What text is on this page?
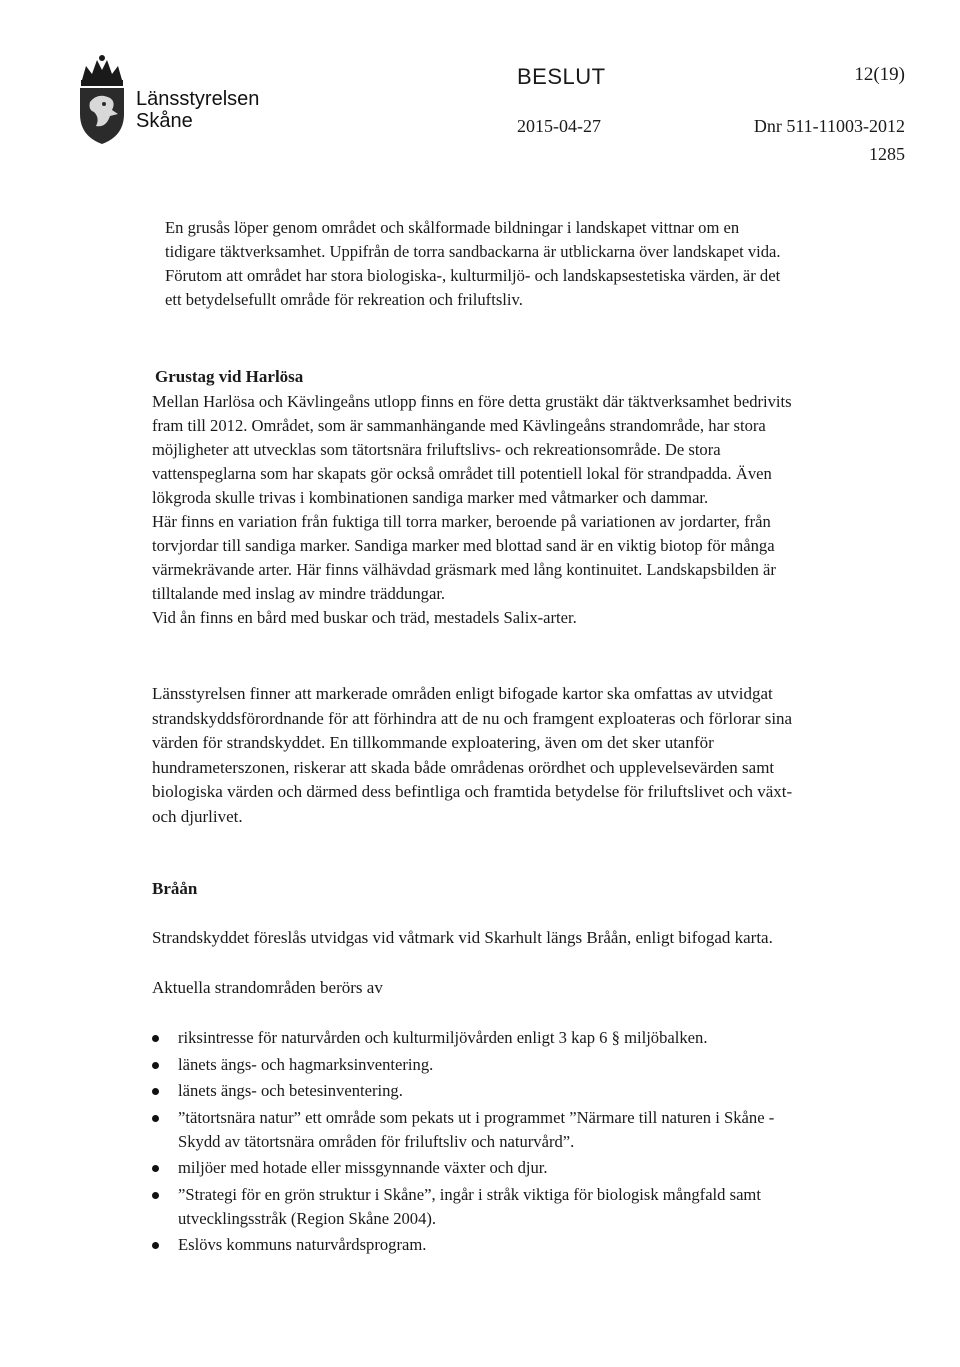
Länsstyrelsen
Skåne
BESLUT
2015-04-27
12(19)
Dnr 511-11003-2012
1285

En grusås löper genom området och skålformade bildningar i landskapet vittnar om en tidigare täktverksamhet. Uppifrån de torra sandbackarna är utblickarna över landskapet vida.

Förutom att området har stora biologiska-, kulturmiljö- och landskapsestetiska värden, är det ett betydelsefullt område för rekreation och friluftsliv.

Grustag vid Harlösa

Mellan Harlösa och Kävlingeåns utlopp finns en före detta grustäkt där täktverksamhet bedrivits fram till 2012. Området, som är sammanhängande med Kävlingeåns strandområde, har stora möjligheter att utvecklas som tätortsnära friluftslivs- och rekreationsområde. De stora vattenspeglarna som har skapats gör också området till potentiell lokal för strandpadda. Även lökgroda skulle trivas i kombinationen sandiga marker med våtmarker och dammar.

Här finns en variation från fuktiga till torra marker, beroende på variationen av jordarter, från torvjordar till sandiga marker. Sandiga marker med blottad sand är en viktig biotop för många värmekrävande arter. Här finns välhävdad gräsmark med lång kontinuitet. Landskapsbilden är tilltalande med inslag av mindre träddungar.

Vid ån finns en bård med buskar och träd, mestadels Salix-arter.

Länsstyrelsen finner att markerade områden enligt bifogade kartor ska omfattas av utvidgat strandskyddsförordnande för att förhindra att de nu och framgent exploateras och förlorar sina värden för strandskyddet. En tillkommande exploatering, även om det sker utanför hundrameterszonen, riskerar att skada både områdenas orördhet och upplevelsevärden samt biologiska värden och därmed dess befintliga och framtida betydelse för friluftslivet och växt- och djurlivet.

Bråån

Strandskyddet föreslås utvidgas vid våtmark vid Skarhult längs Bråån, enligt bifogad karta.

Aktuella strandområden berörs av

riksintresse för naturvården och kulturmiljövården enligt 3 kap 6 § miljöbalken.
länets ängs- och hagmarksinventering.
länets ängs- och betesinventering.
”tätortsnära natur” ett område som pekats ut i programmet ”Närmare till naturen i Skåne - Skydd av tätortsnära områden för friluftsliv och naturvård”.
miljöer med hotade eller missgynnande växter och djur.
”Strategi för en grön struktur i Skåne”, ingår i stråk viktiga för biologisk mångfald samt utvecklingsstråk (Region Skåne 2004).
Eslövs kommuns naturvårdsprogram.
